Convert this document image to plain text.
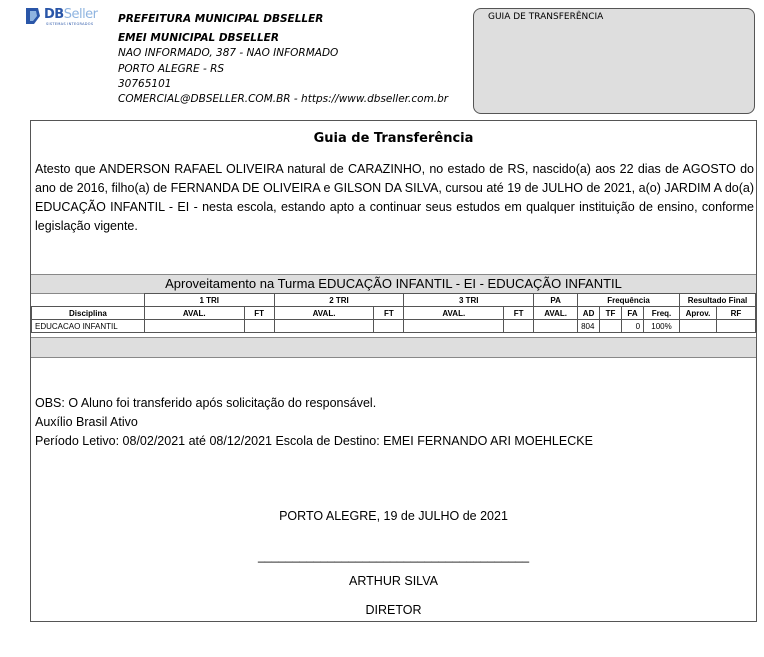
DBSeller
SISTEMAS INTEGRADOS PREFEITURA MUNICIPAL DBSELLER
EMEI MUNICIPAL DBSELLER
NAO INFORMADO, 387 - NAO INFORMADO
PORTO ALEGRE - RS
30765101
COMERCIAL@DBSELLER.COM.BR - https://www.dbseller.com.br
GUIA DE TRANSFERÊNCIA
Guia de Transferência
Atesto que ANDERSON RAFAEL OLIVEIRA natural de CARAZINHO, no estado de RS, nascido(a) aos 22 dias de AGOSTO do ano de 2016, filho(a) de FERNANDA DE OLIVEIRA e GILSON DA SILVA, cursou até 19 de JULHO de 2021, a(o) JARDIM A do(a) EDUCAÇÃO INFANTIL - EI - nesta escola, estando apto a continuar seus estudos em qualquer instituição de ensino, conforme legislação vigente.
Aproveitamento na Turma EDUCAÇÃO INFANTIL - EI - EDUCAÇÃO INFANTIL
	1 TRI		2 TRI		3 TRI		PA	Frequência				Resultado Final	
Disciplina	AVAL.	FT	AVAL.	FT	AVAL.	FT	AVAL.	AD	TF	FA	Freq.	Aprov.	RF
EDUCACAO INFANTIL								804		0	100%		
OBS: O Aluno foi transferido após solicitação do responsável.
Auxílio Brasil Ativo
Período Letivo: 08/02/2021 até 08/12/2021 Escola de Destino: EMEI FERNANDO ARI MOEHLECKE
PORTO ALEGRE, 19 de JULHO de 2021
_______________________________________
ARTHUR SILVA
DIRETOR
